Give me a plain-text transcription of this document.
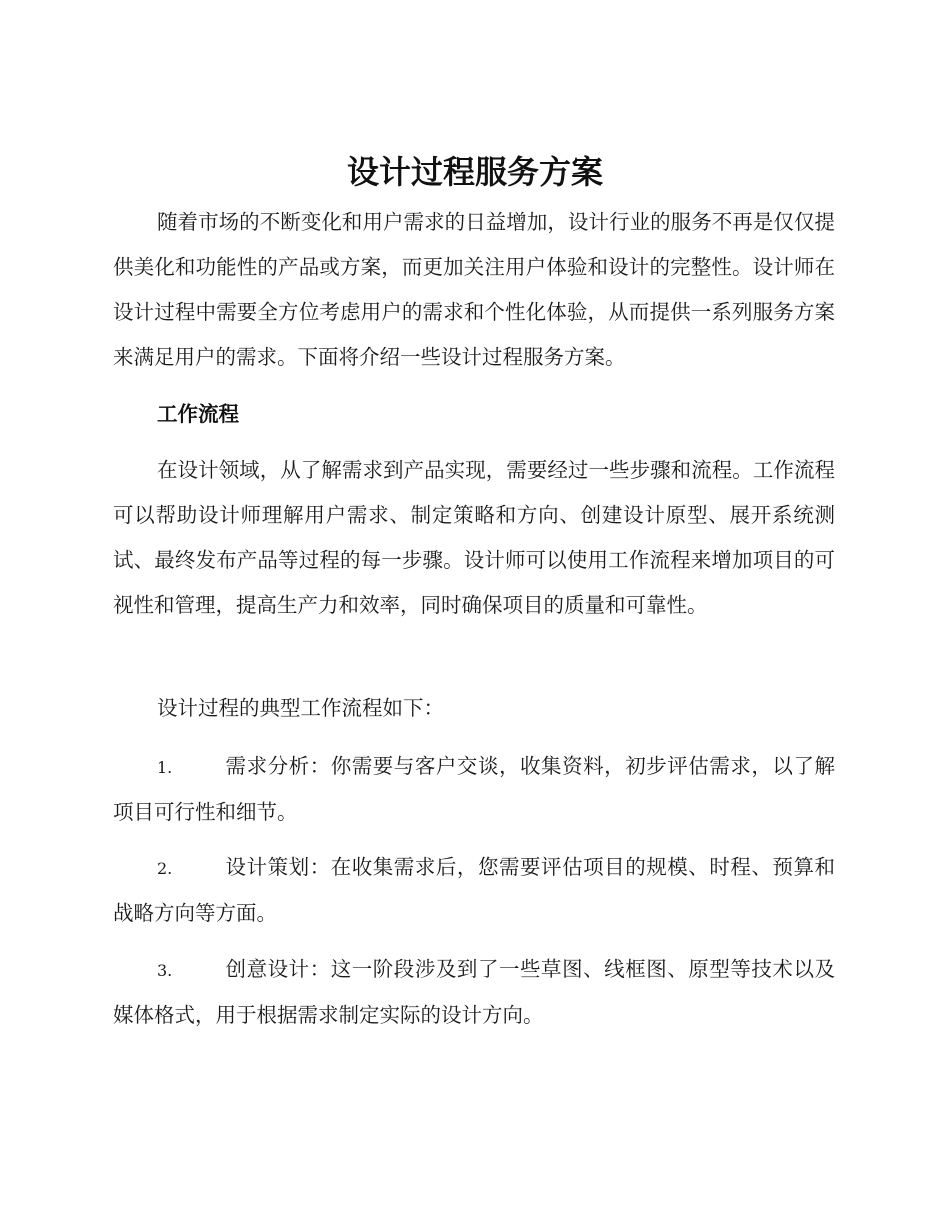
设计过程服务方案
随着市场的不断变化和用户需求的日益增加，设计行业的服务不再是仅仅提供美化和功能性的产品或方案，而更加关注用户体验和设计的完整性。设计师在设计过程中需要全方位考虑用户的需求和个性化体验，从而提供一系列服务方案来满足用户的需求。下面将介绍一些设计过程服务方案。
工作流程
在设计领域，从了解需求到产品实现，需要经过一些步骤和流程。工作流程可以帮助设计师理解用户需求、制定策略和方向、创建设计原型、展开系统测试、最终发布产品等过程的每一步骤。设计师可以使用工作流程来增加项目的可视性和管理，提高生产力和效率，同时确保项目的质量和可靠性。
设计过程的典型工作流程如下：
1.	需求分析：你需要与客户交谈，收集资料，初步评估需求，以了解项目可行性和细节。
2.	设计策划：在收集需求后，您需要评估项目的规模、时程、预算和战略方向等方面。
3.	创意设计：这一阶段涉及到了一些草图、线框图、原型等技术以及媒体格式，用于根据需求制定实际的设计方向。
